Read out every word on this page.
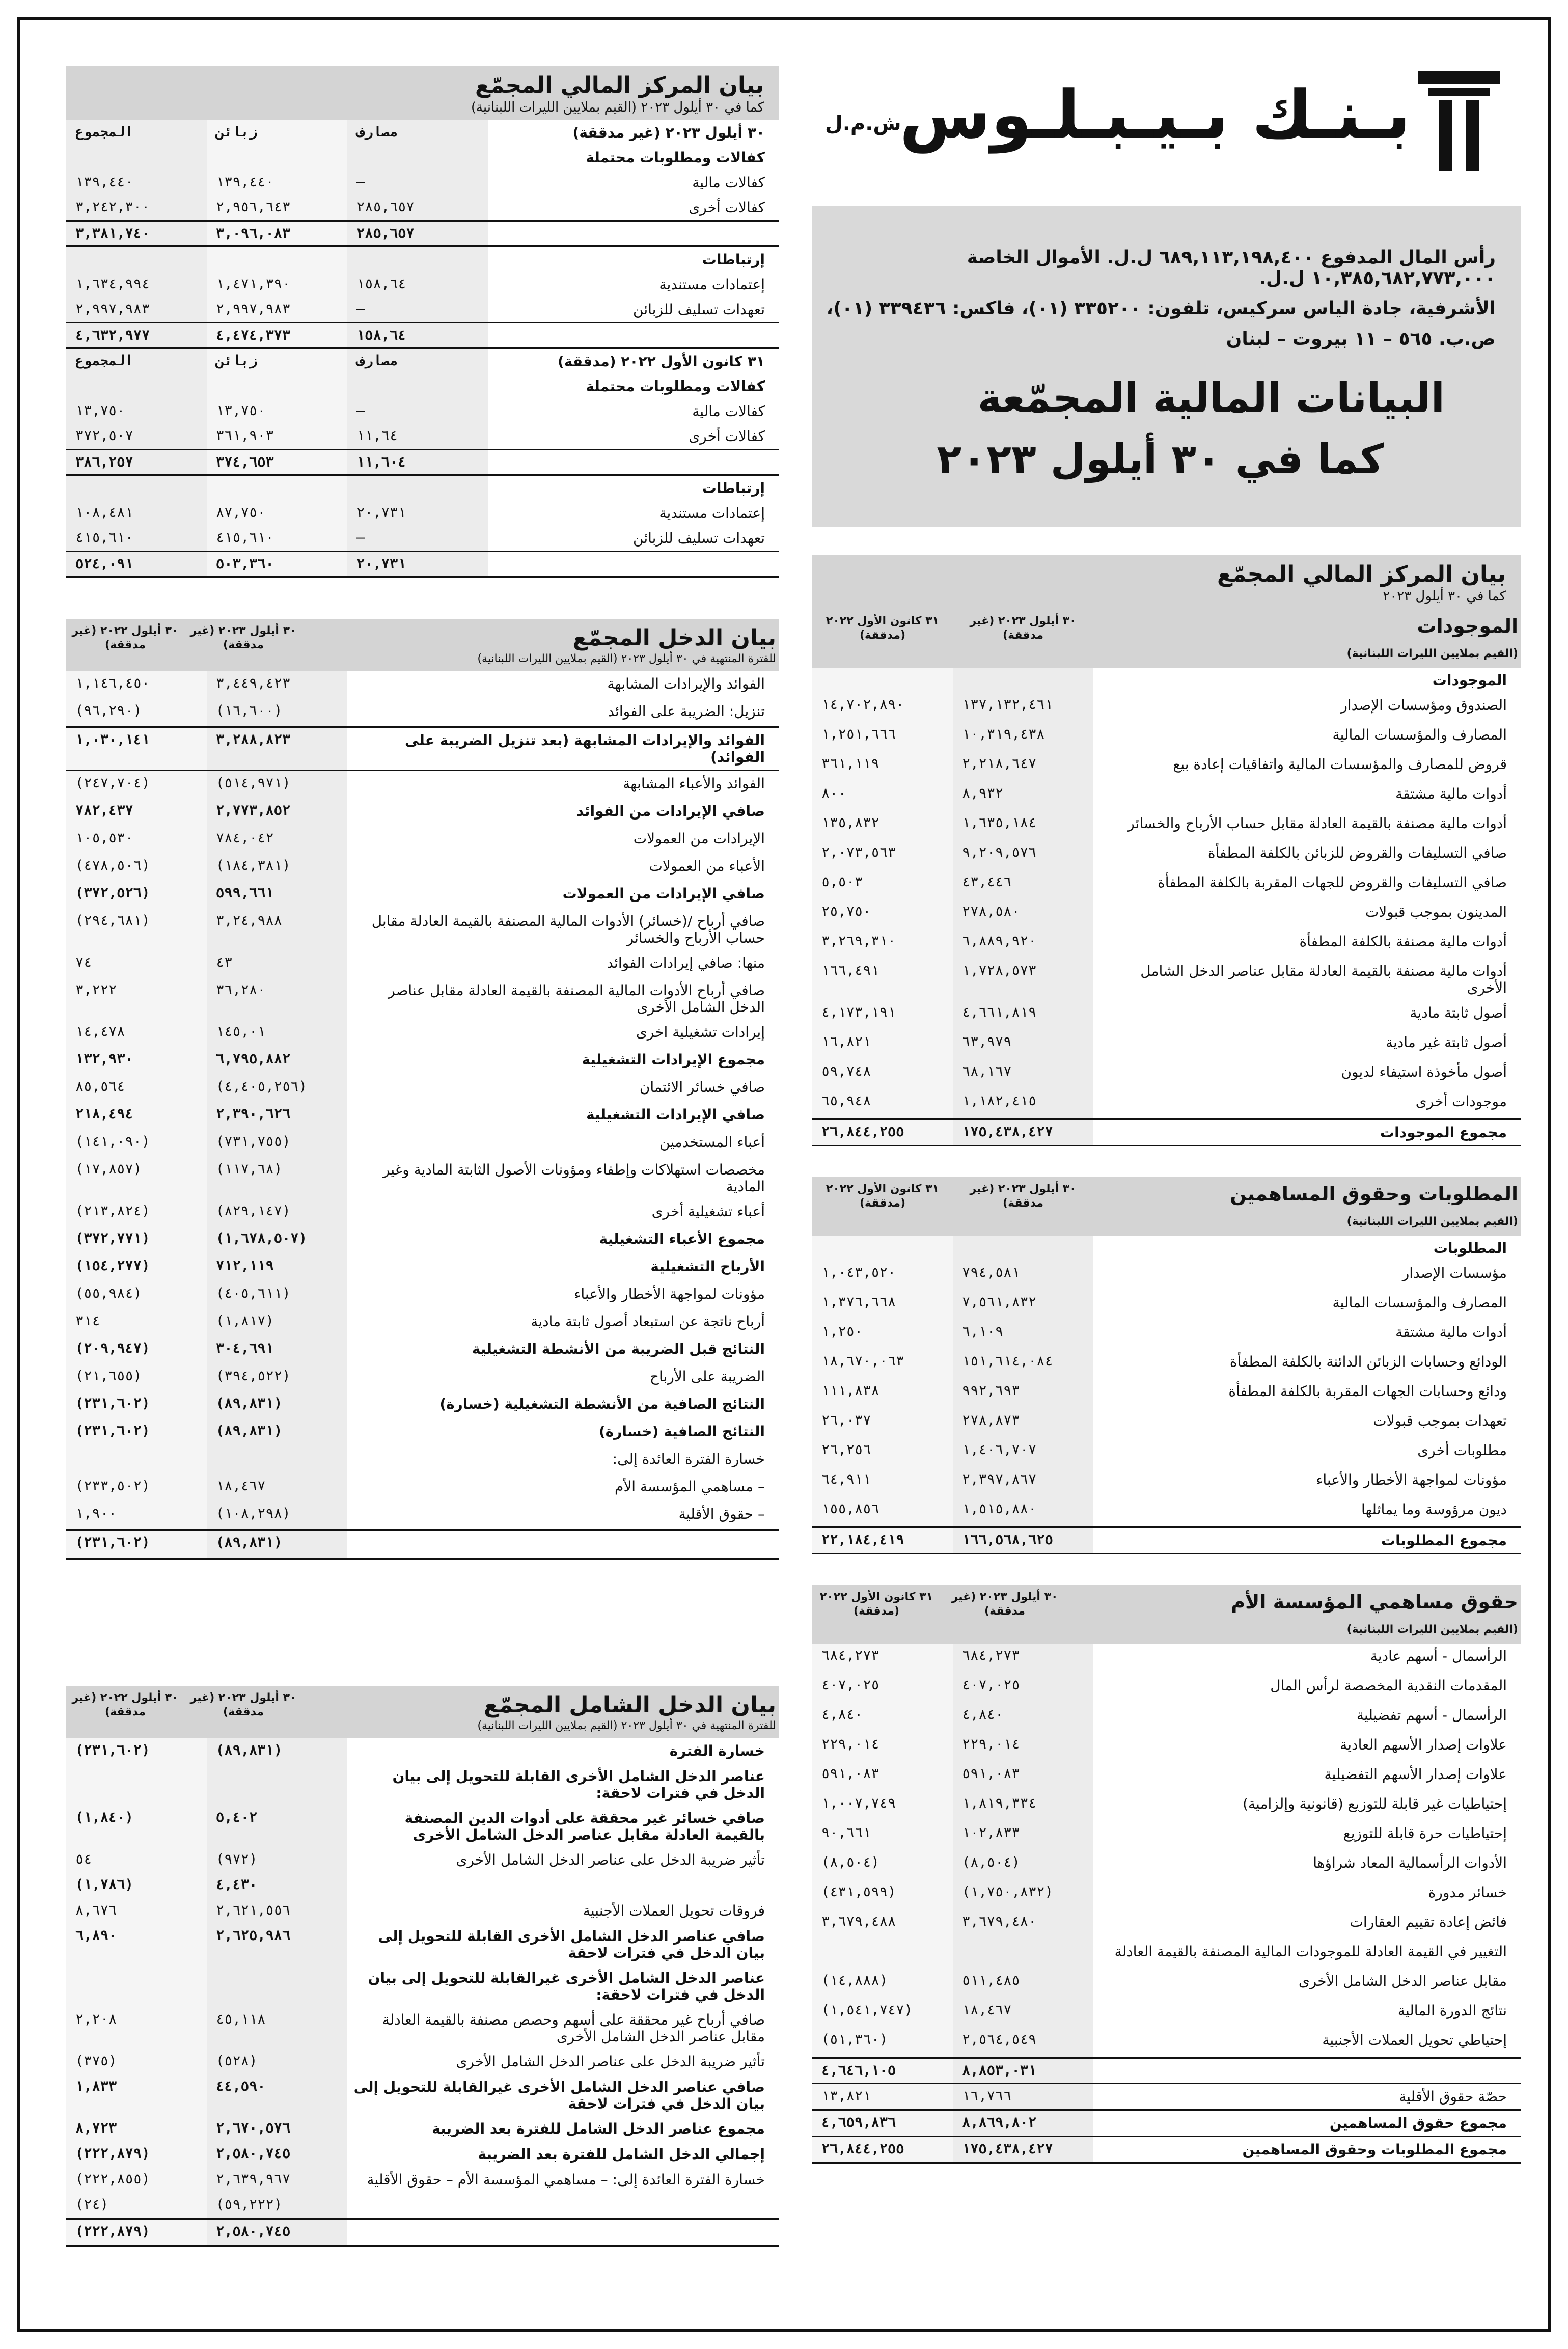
بـنـك بـيـبـلـوس
ش.م.ل
رأس المال المدفوع ٦٨٩,١١٣,١٩٨,٤٠٠ ل.ل. الأموال الخاصة ١٠,٣٨٥,٦٨٢,٧٧٣,٠٠٠ ل.ل.
الأشرفية، جادة الياس سركيس، تلفون: ٣٣٥٢٠٠ (٠١)، فاكس: ٣٣٩٤٣٦ (٠١)،
ص.ب. ٥٦٥ – ١١ بيروت – لبنان
البيانات المالية المجمّعة
كما في ٣٠ أيلول ٢٠٢٣
بيان المركز المالي المجمّع
كما في ٣٠ أيلول ٢٠٢٣ (القيم بملايين الليرات اللبنانية)
٣٠ أيلول ٢٠٢٣ (غير مدققة)	مصارف	زبائن	المجموع
كفالات ومطلوبات محتملة			
كفالات مالية	–	١٣٩,٤٤٠	١٣٩,٤٤٠
كفالات أخرى	٢٨٥,٦٥٧	٢,٩٥٦,٦٤٣	٣,٢٤٢,٣٠٠
	٢٨٥,٦٥٧	٣,٠٩٦,٠٨٣	٣,٣٨١,٧٤٠
إرتباطات			
إعتمادات مستندية	١٥٨,٦٤	١,٤٧١,٣٩٠	١,٦٣٤,٩٩٤
تعهدات تسليف للزبائن	–	٢,٩٩٧,٩٨٣	٢,٩٩٧,٩٨٣
	١٥٨,٦٤	٤,٤٧٤,٣٧٣	٤,٦٣٢,٩٧٧
٣١ كانون الأول ٢٠٢٢ (مدققة)	مصارف	زبائن	المجموع
كفالات ومطلوبات محتملة			
كفالات مالية	–	١٣,٧٥٠	١٣,٧٥٠
كفالات أخرى	١١,٦٤	٣٦١,٩٠٣	٣٧٢,٥٠٧
	١١,٦٠٤	٣٧٤,٦٥٣	٣٨٦,٢٥٧
إرتباطات			
إعتمادات مستندية	٢٠,٧٣١	٨٧,٧٥٠	١٠٨,٤٨١
تعهدات تسليف للزبائن	–	٤١٥,٦١٠	٤١٥,٦١٠
	٢٠,٧٣١	٥٠٣,٣٦٠	٥٢٤,٠٩١	بيان المركز المالي المجمّع
كما في ٣٠ أيلول ٢٠٢٣
الموجودات
(القيم بملايين الليرات اللبنانية)	٣٠ أيلول ٢٠٢٣ (غير مدققة)	٣١ كانون الأول ٢٠٢٢ (مدققة)
الموجودات		
الصندوق ومؤسسات الإصدار	١٣٧,١٣٢,٤٦١	١٤,٧٠٢,٨٩٠
المصارف والمؤسسات المالية	١٠,٣١٩,٤٣٨	١,٢٥١,٦٦٦
قروض للمصارف والمؤسسات المالية واتفاقيات إعادة بيع	٢,٢١٨,٦٤٧	٣٦١,١١٩
أدوات مالية مشتقة	٨,٩٣٢	٨٠٠
أدوات مالية مصنفة بالقيمة العادلة مقابل حساب الأرباح والخسائر	١,٦٣٥,١٨٤	١٣٥,٨٣٢
صافي التسليفات والقروض للزبائن بالكلفة المطفأة	٩,٢٠٩,٥٧٦	٢,٠٧٣,٥٦٣
صافي التسليفات والقروض للجهات المقربة بالكلفة المطفأة	٤٣,٤٤٦	٥,٥٠٣
المدينون بموجب قبولات	٢٧٨,٥٨٠	٢٥,٧٥٠
أدوات مالية مصنفة بالكلفة المطفأة	٦,٨٨٩,٩٢٠	٣,٢٦٩,٣١٠
أدوات مالية مصنفة بالقيمة العادلة مقابل عناصر الدخل الشامل الأخرى	١,٧٢٨,٥٧٣	١٦٦,٤٩١
أصول ثابتة مادية	٤,٦٦١,٨١٩	٤,١٧٣,١٩١
أصول ثابتة غير مادية	٦٣,٩٧٩	١٦,٨٢١
أصول مأخوذة استيفاء لديون	٦٨,١٦٧	٥٩,٧٤٨
موجودات أخرى	١,١٨٢,٤١٥	٦٥,٩٤٨
مجموع الموجودات	١٧٥,٤٣٨,٤٢٧	٢٦,٨٤٤,٢٥٥
المطلوبات وحقوق المساهمين
(القيم بملايين الليرات اللبنانية)	٣٠ أيلول ٢٠٢٣ (غير مدققة)	٣١ كانون الأول ٢٠٢٢ (مدققة)
المطلوبات		
مؤسسات الإصدار	٧٩٤,٥٨١	١,٠٤٣,٥٢٠
المصارف والمؤسسات المالية	٧,٥٦١,٨٣٢	١,٣٧٦,٦٦٨
أدوات مالية مشتقة	٦,١٠٩	١,٢٥٠
الودائع وحسابات الزبائن الدائنة بالكلفة المطفأة	١٥١,٦١٤,٠٨٤	١٨,٦٧٠,٠٦٣
ودائع وحسابات الجهات المقربة بالكلفة المطفأة	٩٩٢,٦٩٣	١١١,٨٣٨
تعهدات بموجب قبولات	٢٧٨,٨٧٣	٢٦,٠٣٧
مطلوبات أخرى	١,٤٠٦,٧٠٧	٢٦,٢٥٦
مؤونات لمواجهة الأخطار والأعباء	٢,٣٩٧,٨٦٧	٦٤,٩١١
ديون مرؤوسة وما يماثلها	١,٥١٥,٨٨٠	١٥٥,٨٥٦
مجموع المطلوبات	١٦٦,٥٦٨,٦٢٥	٢٢,١٨٤,٤١٩
حقوق مساهمي المؤسسة الأم
(القيم بملايين الليرات اللبنانية)	٣٠ أيلول ٢٠٢٣ (غير مدققة)	٣١ كانون الأول ٢٠٢٢ (مدققة)
الرأسمال - أسهم عادية	٦٨٤,٢٧٣	٦٨٤,٢٧٣
المقدمات النقدية المخصصة لرأس المال	٤٠٧,٠٢٥	٤٠٧,٠٢٥
الرأسمال - أسهم تفضيلية	٤,٨٤٠	٤,٨٤٠
علاوات إصدار الأسهم العادية	٢٢٩,٠١٤	٢٢٩,٠١٤
علاوات إصدار الأسهم التفضيلية	٥٩١,٠٨٣	٥٩١,٠٨٣
إحتياطيات غير قابلة للتوزيع (قانونية وإلزامية)	١,٨١٩,٣٣٤	١,٠٠٧,٧٤٩
إحتياطيات حرة قابلة للتوزيع	١٠٢,٨٣٣	٩٠,٦٦١
الأدوات الرأسمالية المعاد شراؤها	(٨,٥٠٤)	(٨,٥٠٤)
خسائر مدورة	(١,٧٥٠,٨٣٢)	(٤٣١,٥٩٩)
فائض إعادة تقييم العقارات	٣,٦٧٩,٤٨٠	٣,٦٧٩,٤٨٨
التغيير في القيمة العادلة للموجودات المالية المصنفة بالقيمة العادلة		
مقابل عناصر الدخل الشامل الأخرى	٥١١,٤٨٥	(١٤,٨٨٨)
نتائج الدورة المالية	١٨,٤٦٧	(١,٥٤١,٧٤٧)
إحتياطي تحويل العملات الأجنبية	٢,٥٦٤,٥٤٩	(٥١,٣٦٠)
	٨,٨٥٣,٠٣١	٤,٦٤٦,١٠٥
حصّة حقوق الأقلية	١٦,٧٦٦	١٣,٨٢١
مجموع حقوق المساهمين	٨,٨٦٩,٨٠٢	٤,٦٥٩,٨٣٦
مجموع المطلوبات وحقوق المساهمين	١٧٥,٤٣٨,٤٢٧	٢٦,٨٤٤,٢٥٥
بيان الدخل المجمّع
للفترة المنتهية في ٣٠ أيلول ٢٠٢٣ (القيم بملايين الليرات اللبنانية)
	٣٠ أيلول ٢٠٢٣ (غير مدققة)	٣٠ أيلول ٢٠٢٢ (غير مدققة)
الفوائد والإيرادات المشابهة	٣,٤٤٩,٤٢٣	١,١٤٦,٤٥٠
تنزيل: الضريبة على الفوائد	(١٦,٦٠٠)	(٩٦,٢٩٠)
الفوائد والإيرادات المشابهة (بعد تنزيل الضريبة على الفوائد)	٣,٢٨٨,٨٢٣	١,٠٣٠,١٤١
الفوائد والأعباء المشابهة	(٥١٤,٩٧١)	(٢٤٧,٧٠٤)
صافي الإيرادات من الفوائد	٢,٧٧٣,٨٥٢	٧٨٢,٤٣٧
الإيرادات من العمولات	٧٨٤,٠٤٢	١٠٥,٥٣٠
الأعباء من العمولات	(١٨٤,٣٨١)	(٤٧٨,٥٠٦)
صافي الإيرادات من العمولات	٥٩٩,٦٦١	(٣٧٢,٥٢٦)
صافي أرباح /(خسائر) الأدوات المالية المصنفة بالقيمة العادلة مقابل حساب الأرباح والخسائر	٣,٢٤,٩٨٨	(٢٩٤,٦٨١)
منها: صافي إيرادات الفوائد	٤٣	٧٤
صافي أرباح الأدوات المالية المصنفة بالقيمة العادلة مقابل عناصر الدخل الشامل الأخرى	٣٦,٢٨٠	٣,٢٢٢
إيرادات تشغيلية اخرى	١٤٥,٠١	١٤,٤٧٨
مجموع الإيرادات التشغيلية	٦,٧٩٥,٨٨٢	١٣٢,٩٣٠
صافي خسائر الائتمان	(٤,٤٠٥,٢٥٦)	٨٥,٥٦٤
صافي الإيرادات التشغيلية	٢,٣٩٠,٦٢٦	٢١٨,٤٩٤
أعباء المستخدمين	(٧٣١,٧٥٥)	(١٤١,٠٩٠)
مخصصات استهلاكات وإطفاء ومؤونات الأصول الثابتة المادية وغير المادية	(١١٧,٦٨)	(١٧,٨٥٧)
أعباء تشغيلية أخرى	(٨٢٩,١٤٧)	(٢١٣,٨٢٤)
مجموع الأعباء التشغيلية	(١,٦٧٨,٥٠٧)	(٣٧٢,٧٧١)
الأرباح التشغيلية	٧١٢,١١٩	(١٥٤,٢٧٧)
مؤونات لمواجهة الأخطار والأعباء	(٤٠٥,٦١١)	(٥٥,٩٨٤)
أرباح ناتجة عن استبعاد أصول ثابتة مادية	(١,٨١٧)	٣١٤
النتائج قبل الضريبة من الأنشطة التشغيلية	٣٠٤,٦٩١	(٢٠٩,٩٤٧)
الضريبة على الأرباح	(٣٩٤,٥٢٢)	(٢١,٦٥٥)
النتائج الصافية من الأنشطة التشغيلية (خسارة)	(٨٩,٨٣١)	(٢٣١,٦٠٢)
النتائج الصافية (خسارة)	(٨٩,٨٣١)	(٢٣١,٦٠٢)
خسارة الفترة العائدة إلى:		
– مساهمي المؤسسة الأم	١٨,٤٦٧	(٢٣٣,٥٠٢)
– حقوق الأقلية	(١٠٨,٢٩٨)	١,٩٠٠
	(٨٩,٨٣١)	(٢٣١,٦٠٢)
بيان الدخل الشامل المجمّع
للفترة المنتهية في ٣٠ أيلول ٢٠٢٣ (القيم بملايين الليرات اللبنانية)
	٣٠ أيلول ٢٠٢٣ (غير مدققة)	٣٠ أيلول ٢٠٢٢ (غير مدققة)
خسارة الفترة	(٨٩,٨٣١)	(٢٣١,٦٠٢)
عناصر الدخل الشامل الأخرى القابلة للتحويل إلى بيان الدخل في فترات لاحقة:		
صافي خسائر غير محققة على أدوات الدين المصنفة بالقيمة العادلة مقابل عناصر الدخل الشامل الأخرى	٥,٤٠٢	(١,٨٤٠)
تأثير ضريبة الدخل على عناصر الدخل الشامل الأخرى	(٩٧٢)	٥٤
	٤,٤٣٠	(١,٧٨٦)
فروقات تحويل العملات الأجنبية	٢,٦٢١,٥٥٦	٨,٦٧٦
صافي عناصر الدخل الشامل الأخرى القابلة للتحويل إلى بيان الدخل في فترات لاحقة	٢,٦٢٥,٩٨٦	٦,٨٩٠
عناصر الدخل الشامل الأخرى غيرالقابلة للتحويل إلى بيان الدخل في فترات لاحقة:		
صافي أرباح غير محققة على أسهم وحصص مصنفة بالقيمة العادلة مقابل عناصر الدخل الشامل الأخرى	٤٥,١١٨	٢,٢٠٨
تأثير ضريبة الدخل على عناصر الدخل الشامل الأخرى	(٥٢٨)	(٣٧٥)
صافي عناصر الدخل الشامل الأخرى غيرالقابلة للتحويل إلى بيان الدخل في فترات لاحقة	٤٤,٥٩٠	١,٨٣٣
مجموع عناصر الدخل الشامل للفترة بعد الضريبة	٢,٦٧٠,٥٧٦	٨,٧٢٣
إجمالي الدخل الشامل للفترة بعد الضريبة	٢,٥٨٠,٧٤٥	(٢٢٢,٨٧٩)
خسارة الفترة العائدة إلى: – مساهمي المؤسسة الأم – حقوق الأقلية	٢,٦٣٩,٩٦٧	(٢٢٢,٨٥٥)
	(٥٩,٢٢٢)	(٢٤)
	٢,٥٨٠,٧٤٥	(٢٢٢,٨٧٩)
